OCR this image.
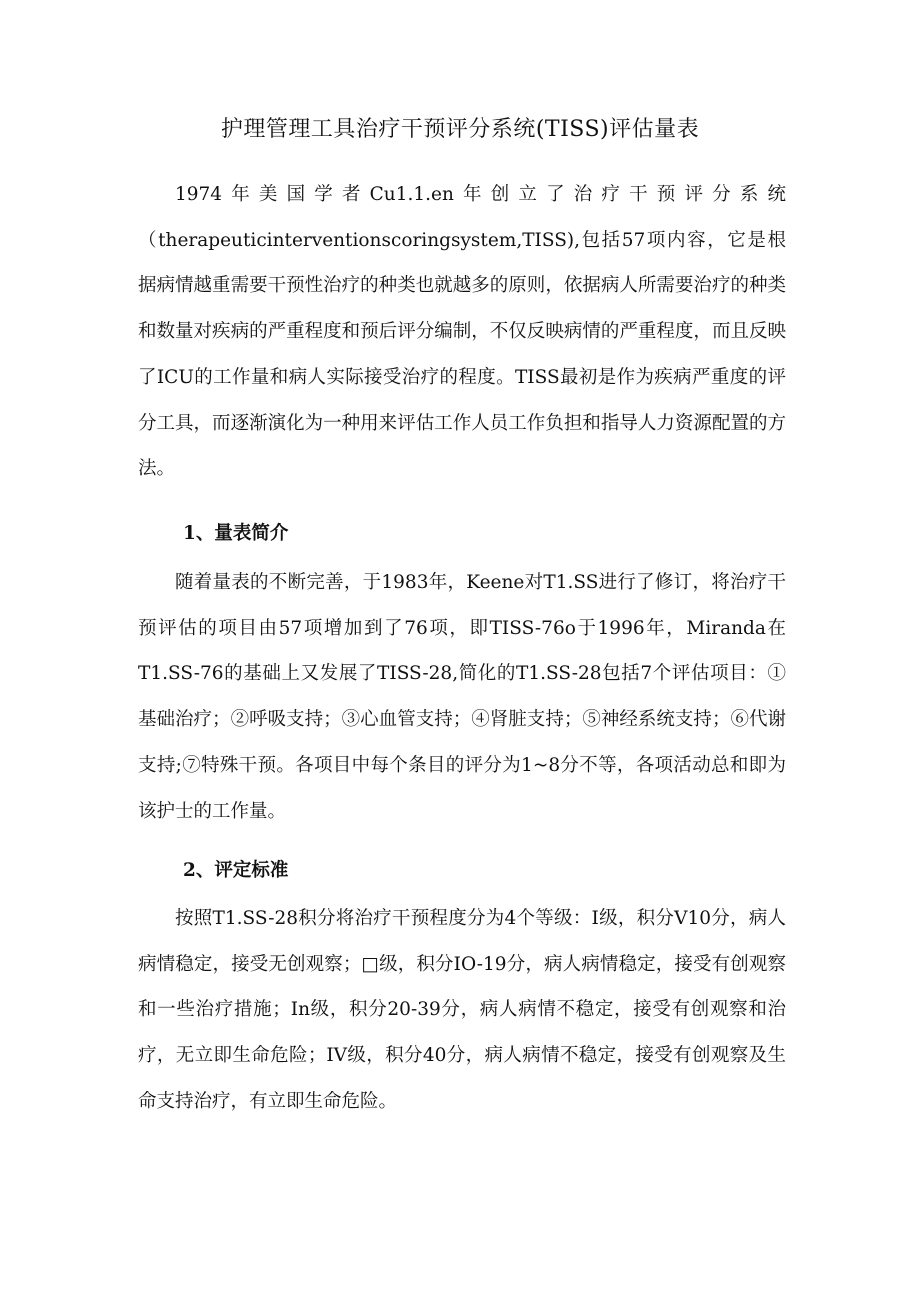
护理管理工具治疗干预评分系统(TISS)评估量表

1974年美国学者Cu1.1.en年创立了治疗干预评分系统（therapeuticinterventionscoringsystem,TISS),包括57项内容，它是根据病情越重需要干预性治疗的种类也就越多的原则，依据病人所需要治疗的种类和数量对疾病的严重程度和预后评分编制，不仅反映病情的严重程度，而且反映了ICU的工作量和病人实际接受治疗的程度。TISS最初是作为疾病严重度的评分工具，而逐渐演化为一种用来评估工作人员工作负担和指导人力资源配置的方法。

1、量表简介

随着量表的不断完善，于1983年，Keene对T1.SS进行了修订，将治疗干预评估的项目由57项增加到了76项，即TISS-76o于1996年，Miranda在T1.SS-76的基础上又发展了TISS-28,简化的T1.SS-28包括7个评估项目：①基础治疗；②呼吸支持；③心血管支持；④肾脏支持；⑤神经系统支持；⑥代谢支持;⑦特殊干预。各项目中每个条目的评分为1~8分不等，各项活动总和即为该护士的工作量。

2、评定标准

按照T1.SS-28积分将治疗干预程度分为4个等级：I级，积分V10分，病人病情稳定，接受无创观察；□级，积分IO-19分，病人病情稳定，接受有创观察和一些治疗措施；In级，积分20-39分，病人病情不稳定，接受有创观察和治疗，无立即生命危险；IV级，积分40分，病人病情不稳定，接受有创观察及生命支持治疗，有立即生命危险。
